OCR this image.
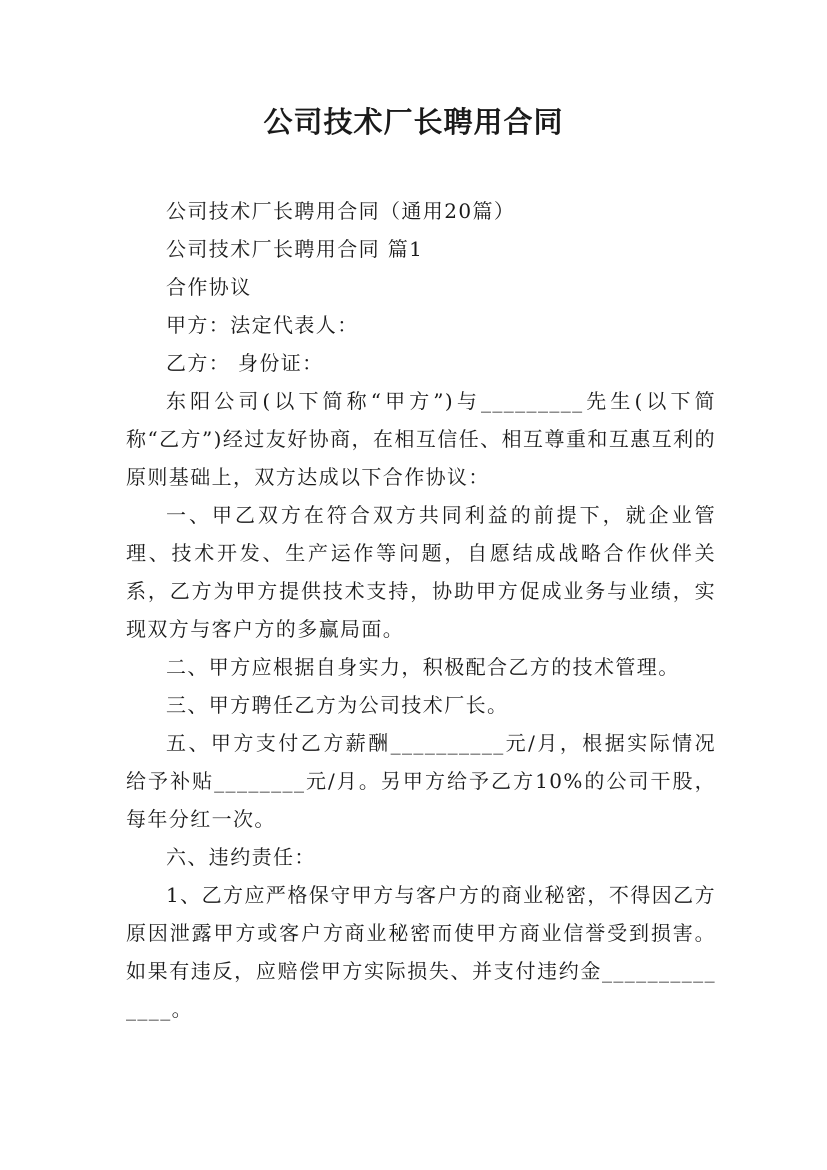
公司技术厂长聘用合同

公司技术厂长聘用合同（通用20篇）

公司技术厂长聘用合同 篇1

合作协议

甲方：法定代表人：

乙方： 身份证：

东阳公司(以下简称“甲方”)与_________先生(以下简称“乙方”)经过友好协商，在相互信任、相互尊重和互惠互利的原则基础上，双方达成以下合作协议：

一、甲乙双方在符合双方共同利益的前提下，就企业管理、技术开发、生产运作等问题，自愿结成战略合作伙伴关系，乙方为甲方提供技术支持，协助甲方促成业务与业绩，实现双方与客户方的多赢局面。

二、甲方应根据自身实力，积极配合乙方的技术管理。

三、甲方聘任乙方为公司技术厂长。

五、甲方支付乙方薪酬__________元/月，根据实际情况给予补贴________元/月。另甲方给予乙方10%的公司干股，每年分红一次。

六、违约责任：

1、乙方应严格保守甲方与客户方的商业秘密，不得因乙方原因泄露甲方或客户方商业秘密而使甲方商业信誉受到损害。如果有违反，应赔偿甲方实际损失、并支付违约金______________。
